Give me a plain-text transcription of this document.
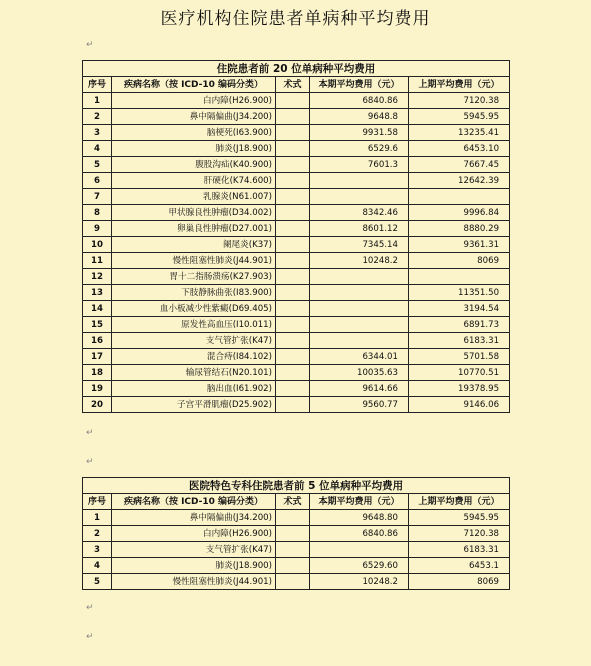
医疗机构住院患者单病种平均费用
↵
↵
↵
↵
↵
住院患者前 20 位单病种平均费用				
序号	疾病名称（按 ICD-10 编码分类）	术式	本期平均费用（元）	上期平均费用（元）
1	白内障(H26.900)		6840.86	7120.38
2	鼻中隔偏曲(J34.200)		9648.8	5945.95
3	脑梗死(I63.900)		9931.58	13235.41
4	肺炎(J18.900)		6529.6	6453.10
5	腹股沟疝(K40.900)		7601.3	7667.45
6	肝硬化(K74.600)			12642.39
7	乳腺炎(N61.007)			
8	甲状腺良性肿瘤(D34.002)		8342.46	9996.84
9	卵巢良性肿瘤(D27.001)		8601.12	8880.29
10	阑尾炎(K37)		7345.14	9361.31
11	慢性阻塞性肺炎(J44.901)		10248.2	8069
12	胃十二指肠溃疡(K27.903)			
13	下肢静脉曲张(I83.900)			11351.50
14	血小板减少性紫癜(D69.405)			3194.54
15	原发性高血压(I10.011)			6891.73
16	支气管扩张(K47)			6183.31
17	混合痔(I84.102)		6344.01	5701.58
18	输尿管结石(N20.101)		10035.63	10770.51
19	脑出血(I61.902)		9614.66	19378.95
20	子宫平滑肌瘤(D25.902)		9560.77	9146.06
医院特色专科住院患者前 5 位单病种平均费用				
序号	疾病名称（按 ICD-10 编码分类）	术式	本期平均费用（元）	上期平均费用（元）
1	鼻中隔偏曲(J34.200)		9648.80	5945.95
2	白内障(H26.900)		6840.86	7120.38
3	支气管扩张(K47)			6183.31
4	肺炎(J18.900)		6529.60	6453.1
5	慢性阻塞性肺炎(J44.901)		10248.2	8069
